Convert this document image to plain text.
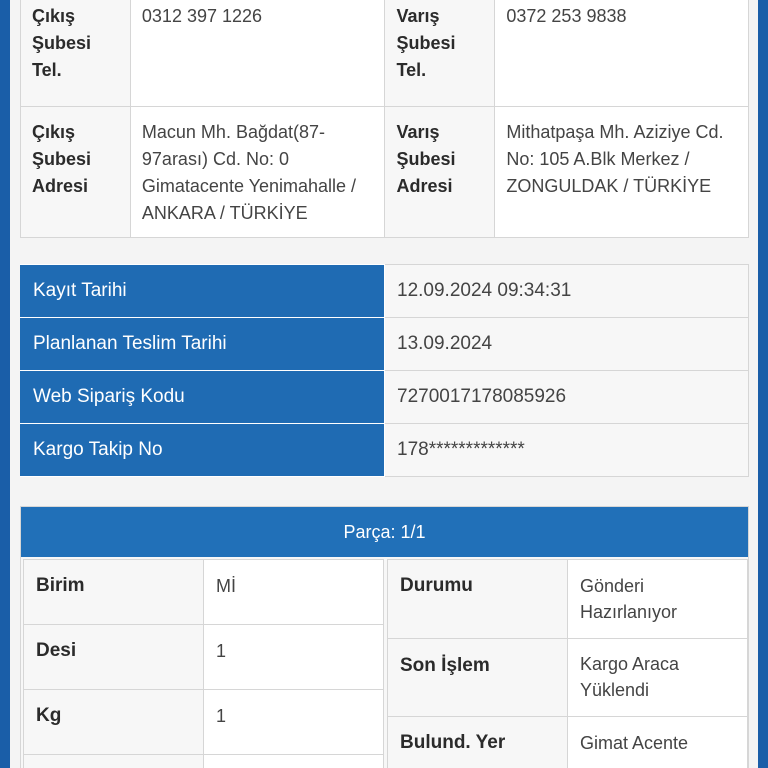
Çıkış Şubesi Tel.	0312 397 1226	Varış Şubesi Tel.	0372 253 9838
Çıkış Şubesi Adresi	Macun Mh. Bağdat(87-97arası) Cd. No: 0 Gimatacente Yenimahalle / ANKARA / TÜRKİYE	Varış Şubesi Adresi	Mithatpaşa Mh. Aziziye Cd. No: 105 A.Blk Merkez / ZONGULDAK / TÜRKİYE
Kayıt Tarihi	12.09.2024 09:34:31
Planlanan Teslim Tarihi	13.09.2024
Web Sipariş Kodu	7270017178085926
Kargo Takip No	178*************
Parça: 1/1
Birim	Mİ
Desi	1
Kg	1

Durumu	Gönderi Hazırlanıyor
Son İşlem	Kargo Araca Yüklendi
Bulund. Yer	Gimat Acente
